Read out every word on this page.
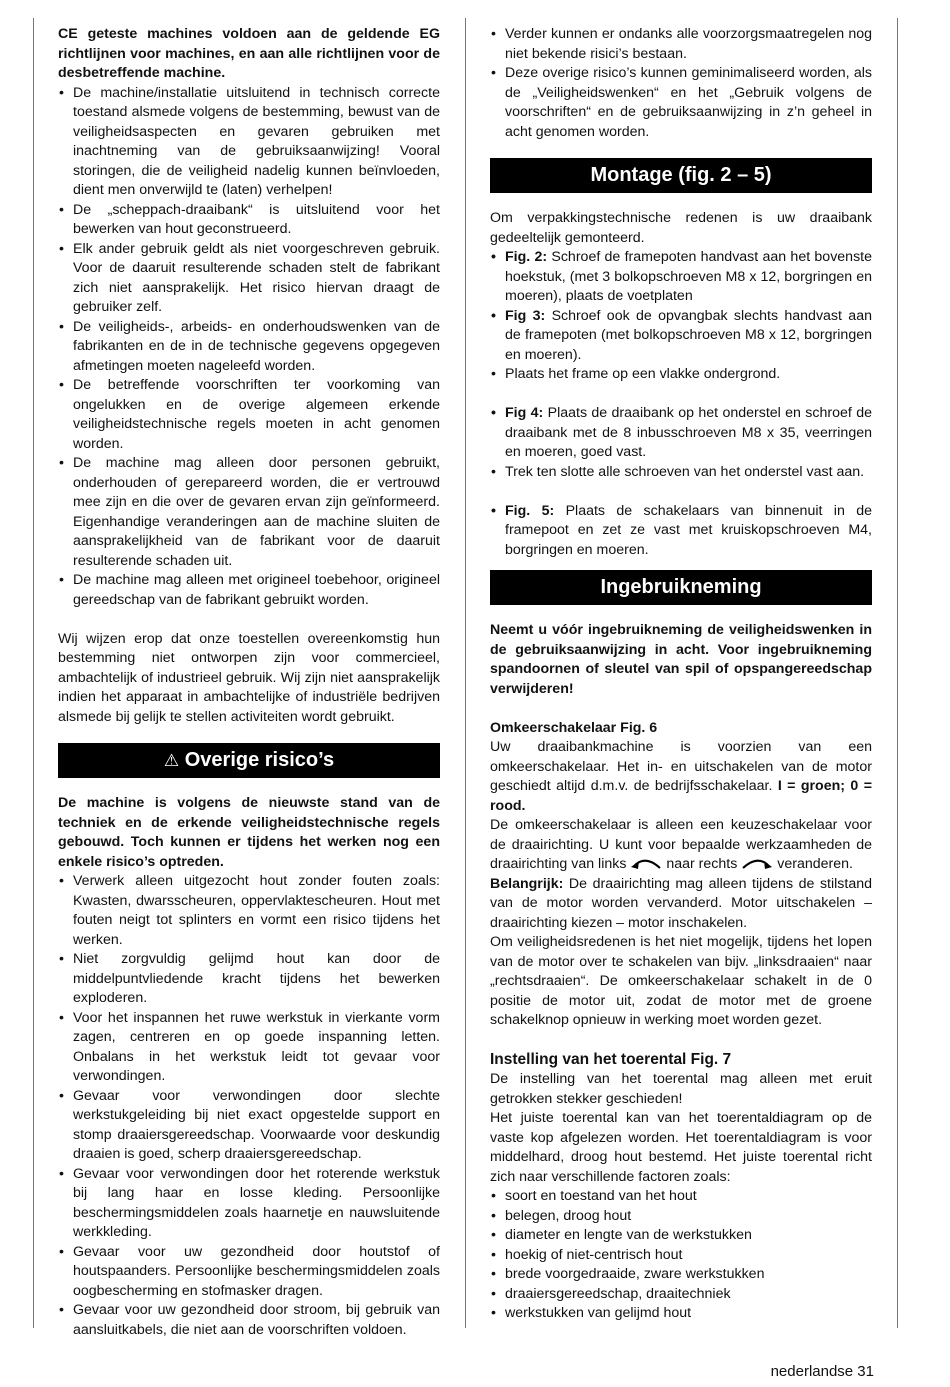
CE geteste machines voldoen aan de geldende EG richtlijnen voor machines, en aan alle richtlijnen voor de desbetreffende machine.

• De machine/installatie uitsluitend in technisch correcte toestand alsmede volgens de bestemming, bewust van de veiligheidsaspecten en gevaren gebruiken met inachtneming van de gebruiksaanwijzing! Vooral storingen, die de veiligheid nadelig kunnen beïnvloeden, dient men onverwijld te (laten) verhelpen!
• De „scheppach-draaibank“ is uitsluitend voor het bewerken van hout geconstrueerd.
• Elk ander gebruik geldt als niet voorgeschreven gebruik. Voor de daaruit resulterende schaden stelt de fabrikant zich niet aansprakelijk. Het risico hiervan draagt de gebruiker zelf.
• De veiligheids-, arbeids- en onderhoudswenken van de fabrikanten en de in de technische gegevens opgegeven afmetingen moeten nageleefd worden.
• De betreffende voorschriften ter voorkoming van ongelukken en de overige algemeen erkende veiligheidstechnische regels moeten in acht genomen worden.
• De machine mag alleen door personen gebruikt, onderhouden of gerepareerd worden, die er vertrouwd mee zijn en die over de gevaren ervan zijn geïnformeerd. Eigenhandige veranderingen aan de machine sluiten de aansprakelijkheid van de fabrikant voor de daaruit resulterende schaden uit.
• De machine mag alleen met origineel toebehoor, origineel gereedschap van de fabrikant gebruikt worden.

Wij wijzen erop dat onze toestellen overeenkomstig hun bestemming niet ontworpen zijn voor commercieel, ambachtelijk of industrieel gebruik. Wij zijn niet aansprakelijk indien het apparaat in ambachtelijke of industriële bedrijven alsmede bij gelijk te stellen activiteiten wordt gebruikt.

⚠ Overige risico’s

De machine is volgens de nieuwste stand van de techniek en de erkende veiligheidstechnische regels gebouwd. Toch kunnen er tijdens het werken nog een enkele risico’s optreden.

• Verwerk alleen uitgezocht hout zonder fouten zoals: Kwasten, dwarsscheuren, oppervlaktescheuren. Hout met fouten neigt tot splinters en vormt een risico tijdens het werken.
• Niet zorgvuldig gelijmd hout kan door de middelpuntvliedende kracht tijdens het bewerken exploderen.
• Voor het inspannen het ruwe werkstuk in vierkante vorm zagen, centreren en op goede inspanning letten. Onbalans in het werkstuk leidt tot gevaar voor verwondingen.
• Gevaar voor verwondingen door slechte werkstukgeleiding bij niet exact opgestelde support en stomp draaiersgereedschap. Voorwaarde voor deskundig draaien is goed, scherp draaiersgereedschap.
• Gevaar voor verwondingen door het roterende werkstuk bij lang haar en losse kleding. Persoonlijke beschermingsmiddelen zoals haarnetje en nauwsluitende werkkleding.
• Gevaar voor uw gezondheid door houtstof of houtspaanders. Persoonlijke beschermingsmiddelen zoals oogbescherming en stofmasker dragen.
• Gevaar voor uw gezondheid door stroom, bij gebruik van aansluitkabels, die niet aan de voorschriften voldoen.
• Verder kunnen er ondanks alle voorzorgsmaatregelen nog niet bekende risici’s bestaan.
• Deze overige risico’s kunnen geminimaliseerd worden, als de „Veiligheidswenken“ en het „Gebruik volgens de voorschriften“ en de gebruiksaanwijzing in z’n geheel in acht genomen worden.
Montage (fig. 2 – 5)

Om verpakkingstechnische redenen is uw draaibank gedeeltelijk gemonteerd.

• Fig. 2: Schroef de framepoten handvast aan het bovenste hoekstuk, (met 3 bolkopschroeven M8 x 12, borgringen en moeren), plaats de voetplaten
• Fig 3: Schroef ook de opvangbak slechts handvast aan de framepoten (met bolkopschroeven M8 x 12, borgringen en moeren).
• Plaats het frame op een vlakke ondergrond.
• Fig 4: Plaats de draaibank op het onderstel en schroef de draaibank met de 8 inbusschroeven M8 x 35, veerringen en moeren, goed vast.
• Trek ten slotte alle schroeven van het onderstel vast aan.
• Fig. 5: Plaats de schakelaars van binnenuit in de framepoot en zet ze vast met kruiskopschroeven M4, borgringen en moeren.
Ingebruikneming

Neemt u vóór ingebruikneming de veiligheidswenken in de gebruiksaanwijzing in acht. Voor ingebruikneming spandoornen of sleutel van spil of opspangereedschap verwijderen!

Omkeerschakelaar Fig. 6

Uw draaibankmachine is voorzien van een omkeerschakelaar. Het in- en uitschakelen van de motor geschiedt altijd d.m.v. de bedrijfsschakelaar. I = groen; 0 = rood.

De omkeerschakelaar is alleen een keuzeschakelaar voor de draairichting. U kunt voor bepaalde werkzaamheden de draairichting van links	naar rechts	veranderen.

Belangrijk: De draairichting mag alleen tijdens de stilstand van de motor worden vervanderd. Motor uitschakelen – draairichting kiezen – motor inschakelen.

Om veiligheidsredenen is het niet mogelijk, tijdens het lopen van de motor over te schakelen van bijv. „linksdraaien“ naar „rechtsdraaien“. De omkeerschakelaar schakelt in de 0 positie de motor uit, zodat de motor met de groene schakelknop opnieuw in werking moet worden gezet.

Instelling van het toerental Fig. 7

De instelling van het toerental mag alleen met eruit getrokken stekker geschieden!

Het juiste toerental kan van het toerentaldiagram op de vaste kop afgelezen worden. Het toerentaldiagram is voor middelhard, droog hout bestemd. Het juiste toerental richt zich naar verschillende factoren zoals:

• soort en toestand van het hout
• belegen, droog hout
• diameter en lengte van de werkstukken
• hoekig of niet-centrisch hout
• brede voorgedraaide, zware werkstukken
• draaiersgereedschap, draaitechniek
• werkstukken van gelijmd hout
nederlandse 31
